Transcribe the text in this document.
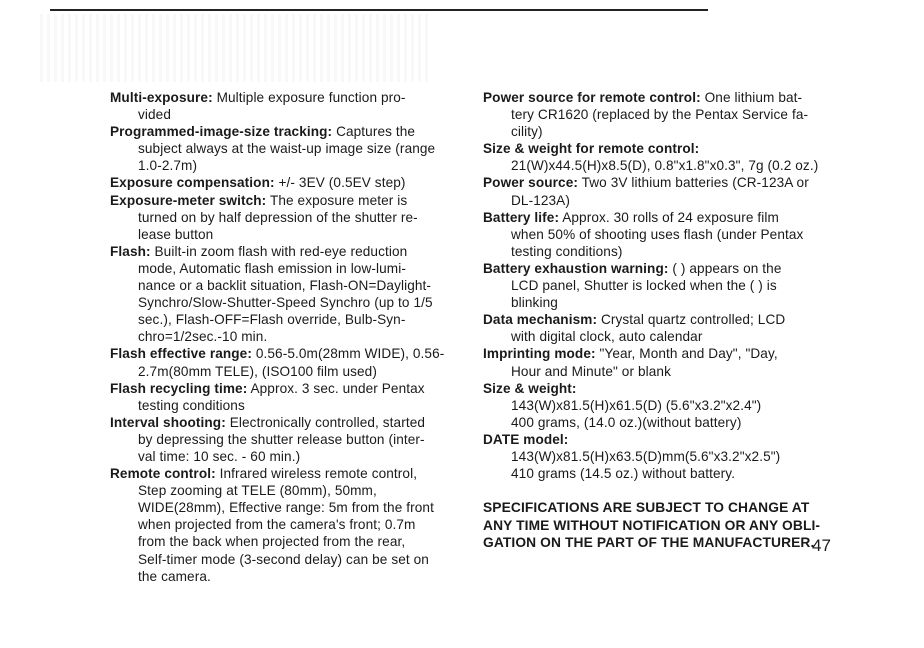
Multi-exposure: Multiple exposure function pro-
vided

Programmed-image-size tracking: Captures the
subject always at the waist-up image size (range
1.0-2.7m)

Exposure compensation: +/- 3EV (0.5EV step)

Exposure-meter switch: The exposure meter is
turned on by half depression of the shutter re-
lease button

Flash: Built-in zoom flash with red-eye reduction
mode, Automatic flash emission in low-lumi-
nance or a backlit situation, Flash-ON=Daylight-
Synchro/Slow-Shutter-Speed Synchro (up to 1/5
sec.), Flash-OFF=Flash override, Bulb-Syn-
chro=1/2sec.-10 min.

Flash effective range: 0.56-5.0m(28mm WIDE), 0.56-
2.7m(80mm TELE), (ISO100 film used)

Flash recycling time: Approx. 3 sec. under Pentax
testing conditions

Interval shooting: Electronically controlled, started
by depressing the shutter release button (inter-
val time: 10 sec. - 60 min.)

Remote control: Infrared wireless remote control,
Step zooming at TELE (80mm), 50mm,
WIDE(28mm), Effective range: 5m from the front
when projected from the camera's front; 0.7m
from the back when projected from the rear,
Self-timer mode (3-second delay) can be set on
the camera.

Power source for remote control: One lithium bat-
tery CR1620 (replaced by the Pentax Service fa-
cility)

Size & weight for remote control:
21(W)x44.5(H)x8.5(D), 0.8"x1.8"x0.3", 7g (0.2 oz.)

Power source: Two 3V lithium batteries (CR-123A or
DL-123A)

Battery life: Approx. 30 rolls of 24 exposure film
when 50% of shooting uses flash (under Pentax
testing conditions)

Battery exhaustion warning: ( ) appears on the
LCD panel, Shutter is locked when the ( ) is
blinking

Data mechanism: Crystal quartz controlled; LCD
with digital clock, auto calendar

Imprinting mode: "Year, Month and Day", "Day,
Hour and Minute" or blank

Size & weight:
143(W)x81.5(H)x61.5(D) (5.6"x3.2"x2.4")
400 grams, (14.0 oz.)(without battery)

DATE model:
143(W)x81.5(H)x63.5(D)mm(5.6"x3.2"x2.5")
410 grams (14.5 oz.) without battery.

SPECIFICATIONS ARE SUBJECT TO CHANGE AT ANY TIME WITHOUT NOTIFICATION OR ANY OBLI-GATION ON THE PART OF THE MANUFACTURER.
47
